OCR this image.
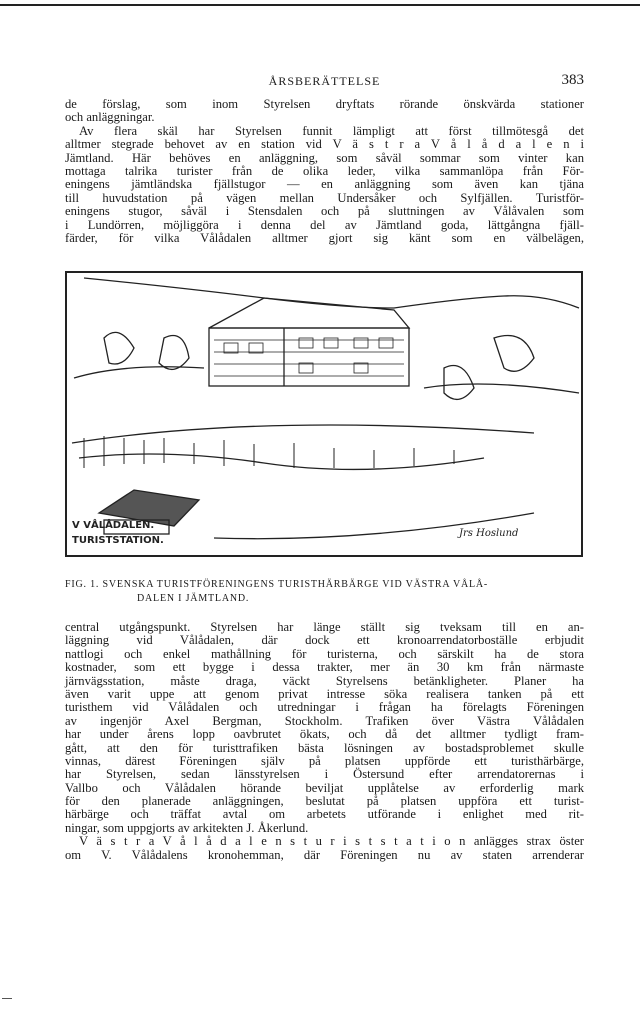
ÅRSBERÄTTELSE	383
de förslag, som inom Styrelsen dryftats rörande önskvärda stationer
och anläggningar.
Av flera skäl har Styrelsen funnit lämpligt att först tillmötesgå det
alltmer stegrade behovet av en station vid V ä s t r a V å l å d a l e n i
Jämtland. Här behöves en anläggning, som såväl sommar som vinter kan
mottaga talrika turister från de olika leder, vilka sammanlöpa från För-
eningens jämtländska fjällstugor — en anläggning som även kan tjäna
till huvudstation på vägen mellan Undersåker och Sylfjällen. Turistför-
eningens stugor, såväl i Stensdalen och på sluttningen av Vålåvalen som
i Lundörren, möjliggöra i denna del av Jämtland goda, lättgångna fjäll-
färder, för vilka Vålådalen alltmer gjort sig känt som en välbelägen,
V VÅLÅDALEN.
TURISTSTATION.
Jrs Hoslund
FIG. 1. SVENSKA TURISTFÖRENINGENS TURISTHÄRBÄRGE VID VÄSTRA VÅLÅ-
DALEN I JÄMTLAND.
central utgångspunkt. Styrelsen har länge ställt sig tveksam till en an-
läggning vid Vålådalen, där dock ett kronoarrendatorboställe erbjudit
nattlogi och enkel mathållning för turisterna, och särskilt ha de stora
kostnader, som ett bygge i dessa trakter, mer än 30 km från närmaste
järnvägsstation, måste draga, väckt Styrelsens betänkligheter. Planer ha
även varit uppe att genom privat intresse söka realisera tanken på ett
turisthem vid Vålådalen och utredningar i frågan ha förelagts Föreningen
av ingenjör Axel Bergman, Stockholm. Trafiken över Västra Vålådalen
har under årens lopp oavbrutet ökats, och då det alltmer tydligt fram-
gått, att den för turisttrafiken bästa lösningen av bostadsproblemet skulle
vinnas, därest Föreningen själv på platsen uppförde ett turisthärbärge,
har Styrelsen, sedan länsstyrelsen i Östersund efter arrendatorernas i
Vallbo och Vålådalen hörande beviljat upplåtelse av erforderlig mark
för den planerade anläggningen, beslutat på platsen uppföra ett turist-
härbärge och träffat avtal om arbetets utförande i enlighet med rit-
ningar, som uppgjorts av arkitekten J. Åkerlund.
V ä s t r a V å l å d a l e n s t u r i s t s t a t i o n anlägges strax öster
om V. Vålådalens kronohemman, där Föreningen nu av staten arrenderar
